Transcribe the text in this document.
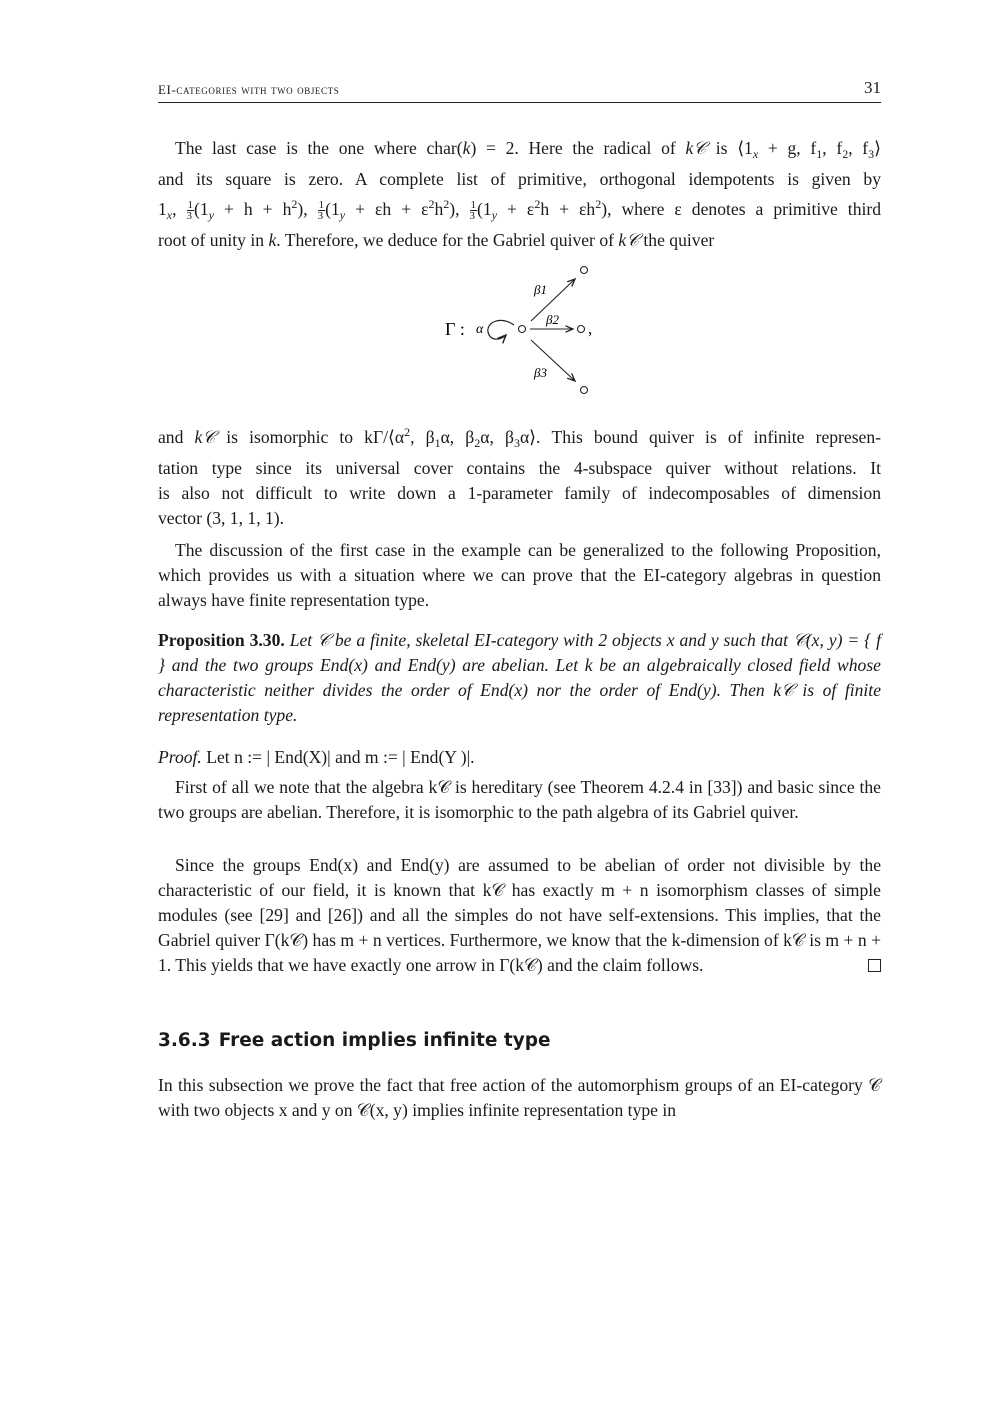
EI-categories with two objects	31
The last case is the one where char(k) = 2. Here the radical of k𝒞 is $⟨1_x + g$, $f_1$, $f_2$, $f_3⟩$
and its square is zero. A complete list of primitive, orthogonal idempotents is given by
$1_x$, $\frac{1}{3} (1_y + h + h^2)$, $\frac{1}{3} (1_y + \varepsilon h + \varepsilon^2h^2)$, $\frac{1}{3} (1_y + \varepsilon^2h + \varepsilon h^2)$, where ε denotes a primitive third
root of unity in k. Therefore, we deduce for the Gabriel quiver of k𝒞 the quiver
Γ : α
β1
β2
β3
,
and k𝒞 is isomorphic to $k\Gamma/⟨\alpha^2$, $\beta_1\alpha$, $\beta_2\alpha$, $\beta_3\alpha⟩$. This bound quiver is of infinite represen-
tation type since its universal cover contains the 4-subspace quiver without relations. It
is also not difficult to write down a 1-parameter family of indecomposables of dimension
vector (3, 1, 1, 1).

The discussion of the first case in the example can be generalized to the following Proposition, which provides us with a situation where we can prove that the EI-category algebras in question always have finite representation type.

Proposition 3.30. Let 𝒞 be a finite, skeletal EI-category with 2 objects x and y such that 𝒞(x, y) = { f } and the two groups End(x) and End(y) are abelian. Let k be an algebraically closed field whose characteristic neither divides the order of End(x) nor the order of End(y). Then k𝒞 is of finite representation type.

Proof. Let n := | End(X)| and m := | End(Y )|.

First of all we note that the algebra k𝒞 is hereditary (see Theorem 4.2.4 in [33]) and basic since the two groups are abelian. Therefore, it is isomorphic to the path algebra of its Gabriel quiver.

Since the groups End(x) and End(y) are assumed to be abelian of order not divisible by the characteristic of our field, it is known that k𝒞 has exactly m + n isomorphism classes of simple modules (see [29] and [26]) and all the simples do not have self-extensions. This implies, that the Gabriel quiver Γ(k𝒞) has m + n vertices. Furthermore, we know that the k-dimension of k𝒞 is m + n + 1. This yields that we have exactly one arrow in Γ(k𝒞) and the claim follows.

3.6.3 Free action implies infinite type

In this subsection we prove the fact that free action of the automorphism groups of an EI-category 𝒞 with two objects x and y on 𝒞(x, y) implies infinite representation type in
